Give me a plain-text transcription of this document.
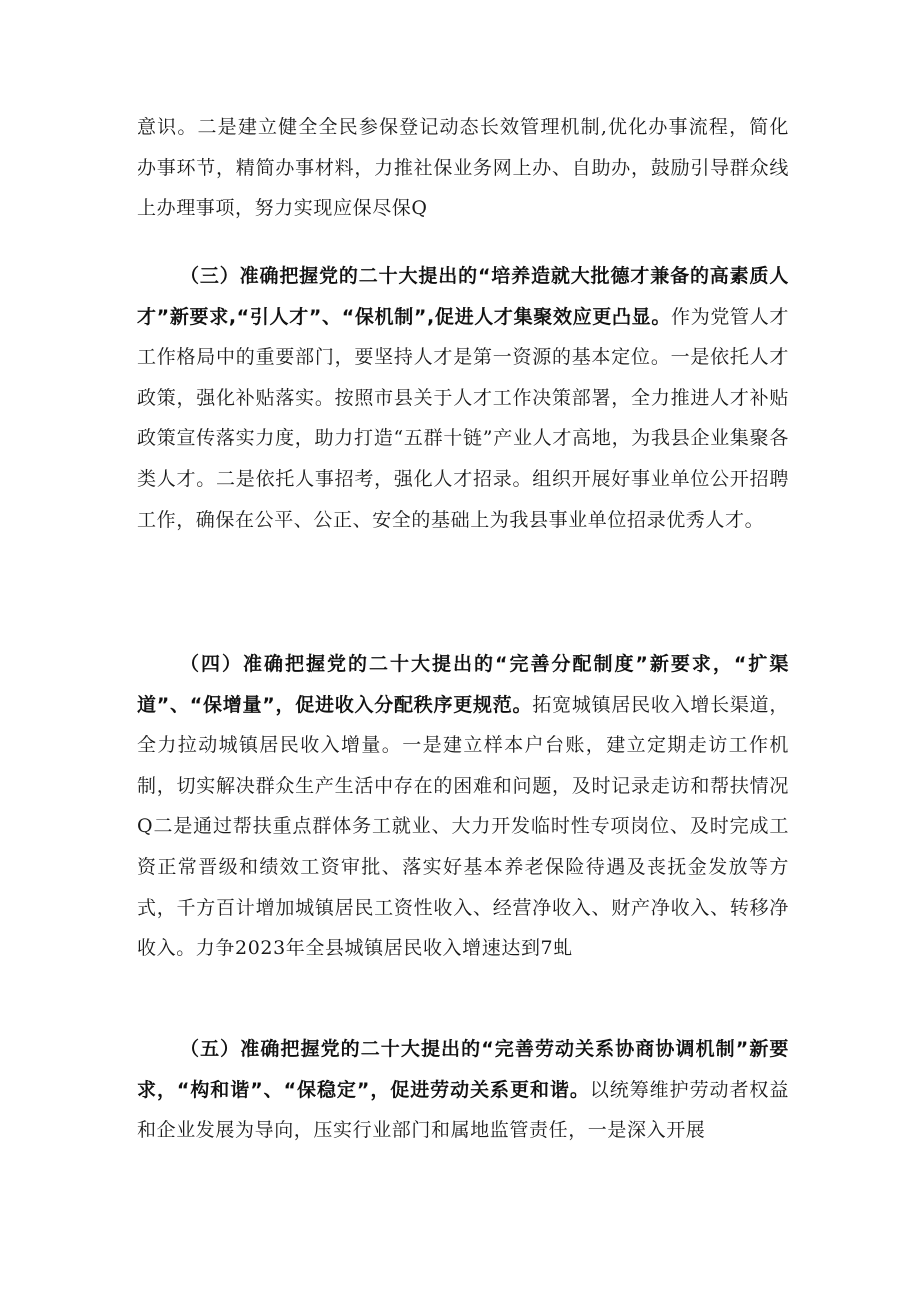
意识。二是建立健全全民参保登记动态长效管理机制,优化办事流程，简化办事环节，精简办事材料，力推社保业务网上办、自助办，鼓励引导群众线上办理事项，努力实现应保尽保Q

（三）准确把握党的二十大提出的“培养造就大批德才兼备的高素质人才”新要求,“引人才”、“保机制”,促进人才集聚效应更凸显。作为党管人才工作格局中的重要部门，要坚持人才是第一资源的基本定位。一是依托人才政策，强化补贴落实。按照市县关于人才工作决策部署，全力推进人才补贴政策宣传落实力度，助力打造“五群十链”产业人才高地，为我县企业集聚各类人才。二是依托人事招考，强化人才招录。组织开展好事业单位公开招聘工作，确保在公平、公正、安全的基础上为我县事业单位招录优秀人才。

（四）准确把握党的二十大提出的“完善分配制度”新要求，“扩渠道”、“保增量”，促进收入分配秩序更规范。拓宽城镇居民收入增长渠道，全力拉动城镇居民收入增量。一是建立样本户台账，建立定期走访工作机制，切实解决群众生产生活中存在的困难和问题，及时记录走访和帮扶情况Q二是通过帮扶重点群体务工就业、大力开发临时性专项岗位、及时完成工资正常晋级和绩效工资审批、落实好基本养老保险待遇及丧抚金发放等方式，千方百计增加城镇居民工资性收入、经营净收入、财产净收入、转移净收入。力争2023年全县城镇居民收入增速达到7虬

（五）准确把握党的二十大提出的“完善劳动关系协商协调机制”新要求，“构和谐”、“保稳定”，促进劳动关系更和谐。以统筹维护劳动者权益和企业发展为导向，压实行业部门和属地监管责任，一是深入开展
